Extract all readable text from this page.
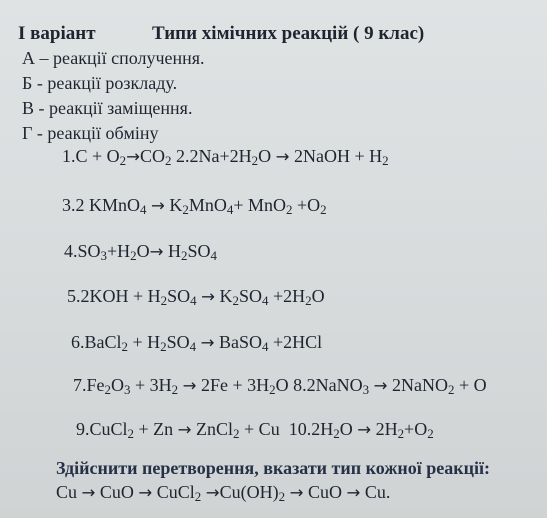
І варіант	Типи хімічних реакцій ( 9 клас)
А – реакції сполучення.
Б - реакції розкладу.
В - реакції заміщення.
Г - реакції обміну
$1.C + O_2\to CO_2$ $2.2Na+2H_2O$ → 2NaOH + $H_2$
3.2 KMnO$_4$ → $K_2MnO_4+ MnO_2 +O_2$
$4.SO_3+H_2O\to H_2SO_4$
$5.2KOH + H_2SO_4 \to K_2SO_4 +2H_2O$
6.BaCl$_2$ + $H_2SO_4$ → BaSO$_4$ +2HCl
$7.Fe_2O_3 + 3H_2 \to 2Fe + 3H_2O$ 8.2NaNO$_3$ → 2NaNO$_2$ + O
9.CuCl$_2$ + Zn → ZnCl$_2$ + Cu $10.2H_2O \to 2H_2+O_2$
Здійснити перетворення, вказати тип кожної реакції:
Cu → CuO → CuCl$_2$ $\to Cu(OH)_2$ → CuO → Cu.
